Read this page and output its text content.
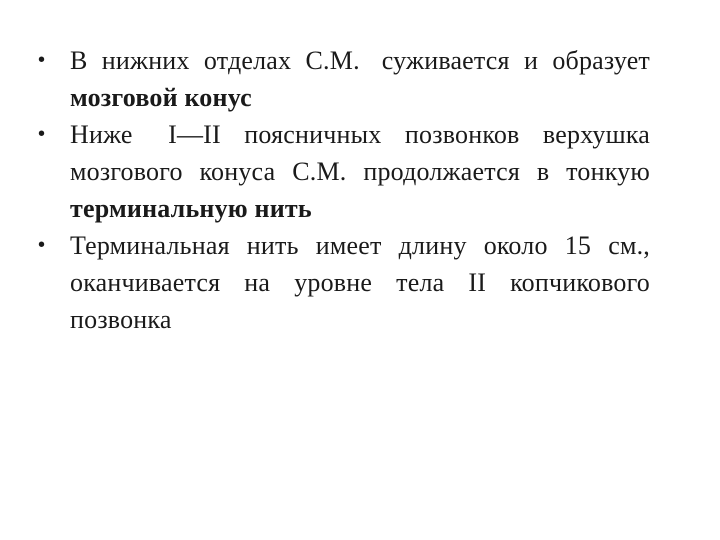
• В нижних отделах С.М. суживается и образует мозговой конус
• Ниже I—II поясничных позвонков верхушка мозгового конуса С.М. продолжается в тонкую терминальную нить
• Терминальная нить имеет длину около 15 см., оканчивается на уровне тела II копчикового позвонка
